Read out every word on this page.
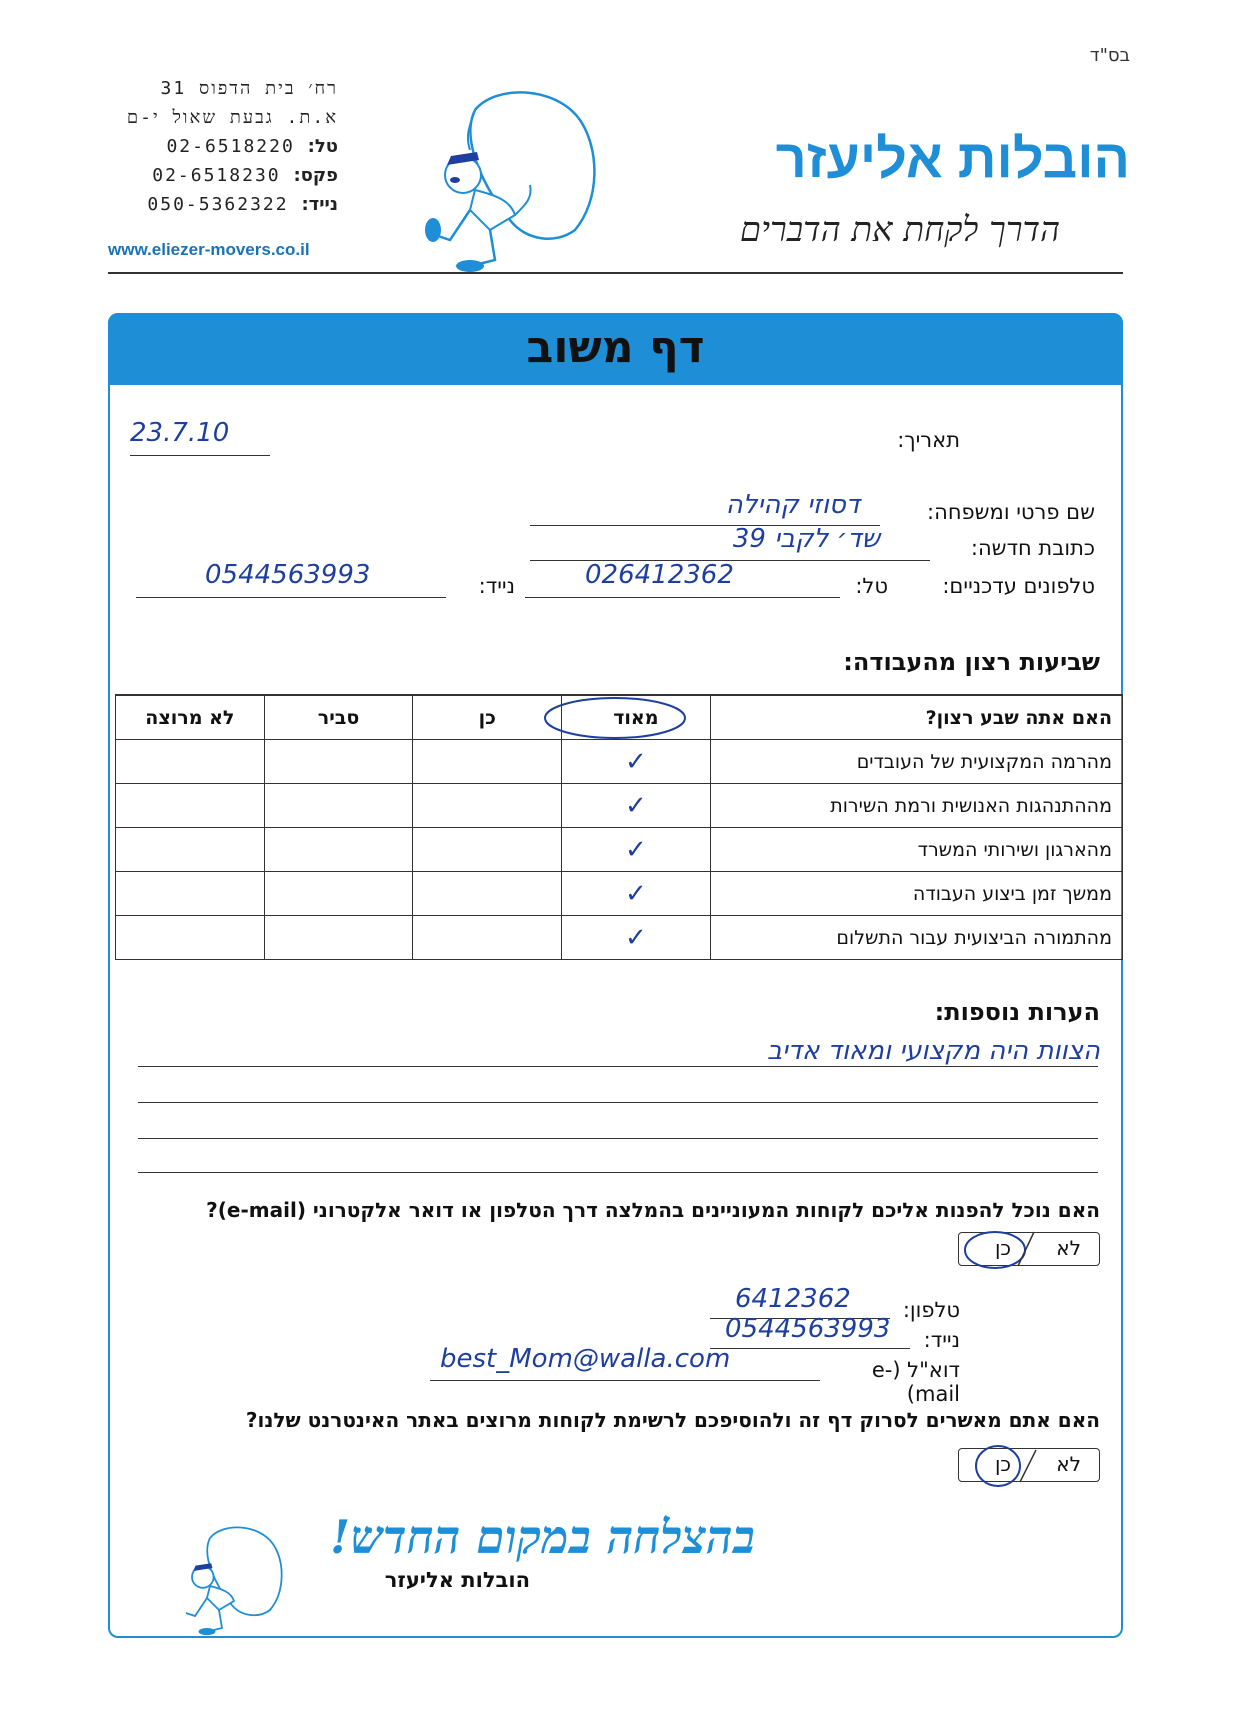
בס"ד
רח׳ בית הדפוס 31
א.ת. גבעת שאול י-ם
טל: 02-6518220
פקס: 02-6518230
נייד: 050-5362322
www.eliezer-movers.co.il
הובלות אליעזר
הדרך לקחת את הדברים
דף משוב
תאריך:
23.7.10
שם פרטי ומשפחה:
דסוזי קהילה
כתובת חדשה:
שד׳ לקבי 39
טלפונים עדכניים:
טל:
026412362
נייד:
0544563993
שביעות רצון מהעבודה:
האם אתה שבע רצון?	מאוד	כן	סביר	לא מרוצה
מהרמה המקצועית של העובדים	✓			
מההתנהגות האנושית ורמת השירות	✓			
מהארגון ושירותי המשרד	✓			
ממשך זמן ביצוע העבודה	✓			
מהתמורה הביצועית עבור התשלום	✓			
הערות נוספות:
הצוות היה מקצועי ומאוד אדיב
האם נוכל להפנות אליכם לקוחות המעוניינים בהמלצה דרך הטלפון או דואר אלקטרוני (e-mail)?
לא
כן
טלפון:
6412362
נייד:
0544563993
דוא"ל (e-mail)
best_Mom@walla.com
האם אתם מאשרים לסרוק דף זה ולהוסיפכם לרשימת לקוחות מרוצים באתר האינטרנט שלנו?
לא
כן
בהצלחה במקום החדש!
הובלות אליעזר
